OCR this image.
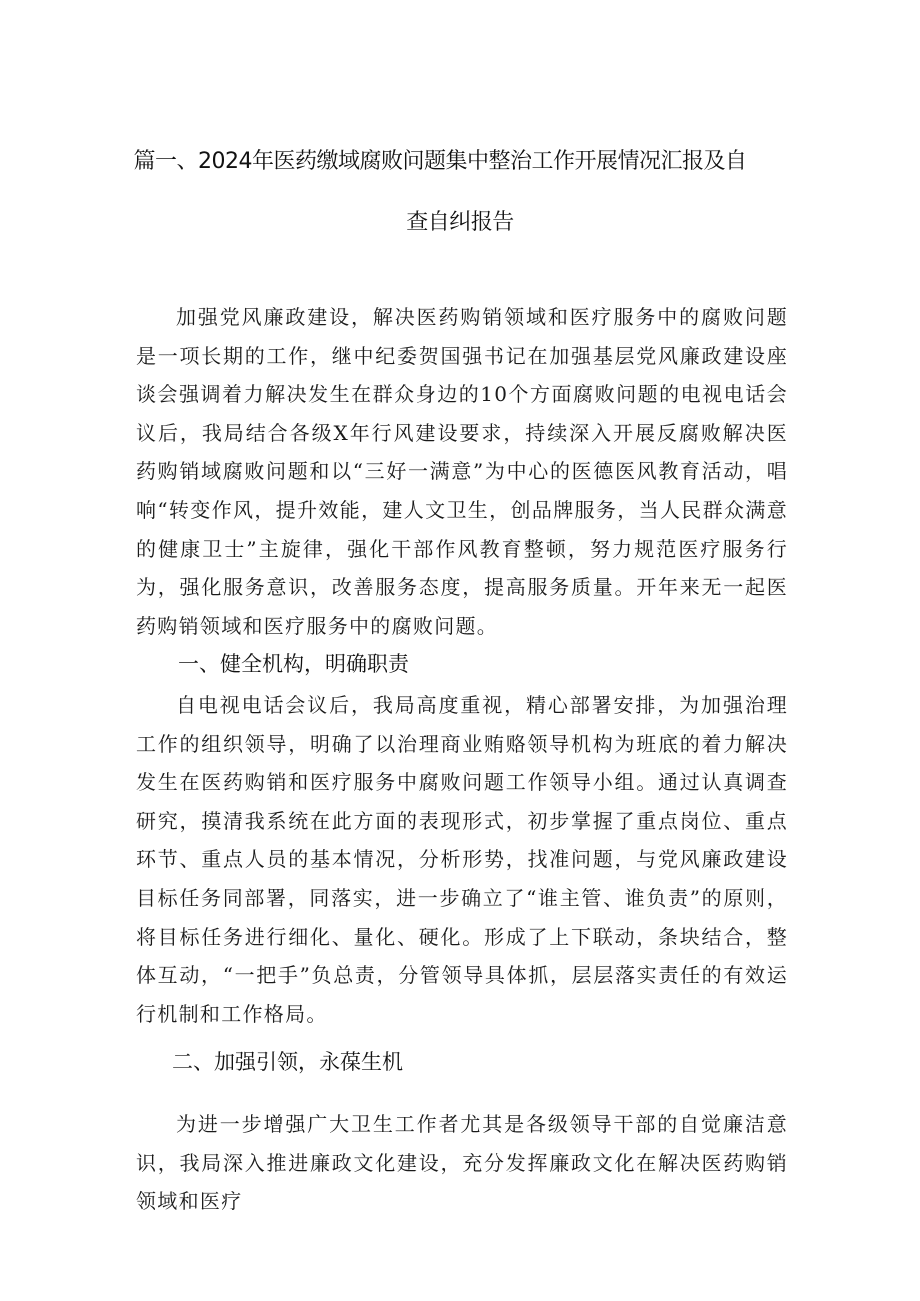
篇一、2024年医药缴域腐败问题集中整治工作开展情况汇报及自
查自纠报告

加强党风廉政建设，解决医药购销领域和医疗服务中的腐败问题是一项长期的工作，继中纪委贺国强书记在加强基层党风廉政建设座谈会强调着力解决发生在群众身边的10个方面腐败问题的电视电话会议后，我局结合各级X年行风建设要求，持续深入开展反腐败解决医药购销域腐败问题和以“三好一满意”为中心的医德医风教育活动，唱响“转变作风，提升效能，建人文卫生，创品牌服务，当人民群众满意的健康卫士”主旋律，强化干部作风教育整顿，努力规范医疗服务行为，强化服务意识，改善服务态度，提高服务质量。开年来无一起医药购销领域和医疗服务中的腐败问题。

一、健全机构，明确职责

自电视电话会议后，我局高度重视，精心部署安排，为加强治理工作的组织领导，明确了以治理商业贿赂领导机构为班底的着力解决发生在医药购销和医疗服务中腐败问题工作领导小组。通过认真调查研究，摸清我系统在此方面的表现形式，初步掌握了重点岗位、重点环节、重点人员的基本情况，分析形势，找准问题，与党风廉政建设目标任务同部署，同落实，进一步确立了“谁主管、谁负责”的原则，将目标任务进行细化、量化、硬化。形成了上下联动，条块结合，整体互动，“一把手”负总责，分管领导具体抓，层层落实责任的有效运行机制和工作格局。

二、加强引领，永葆生机

为进一步增强广大卫生工作者尤其是各级领导干部的自觉廉洁意识，我局深入推进廉政文化建设，充分发挥廉政文化在解决医药购销领域和医疗
